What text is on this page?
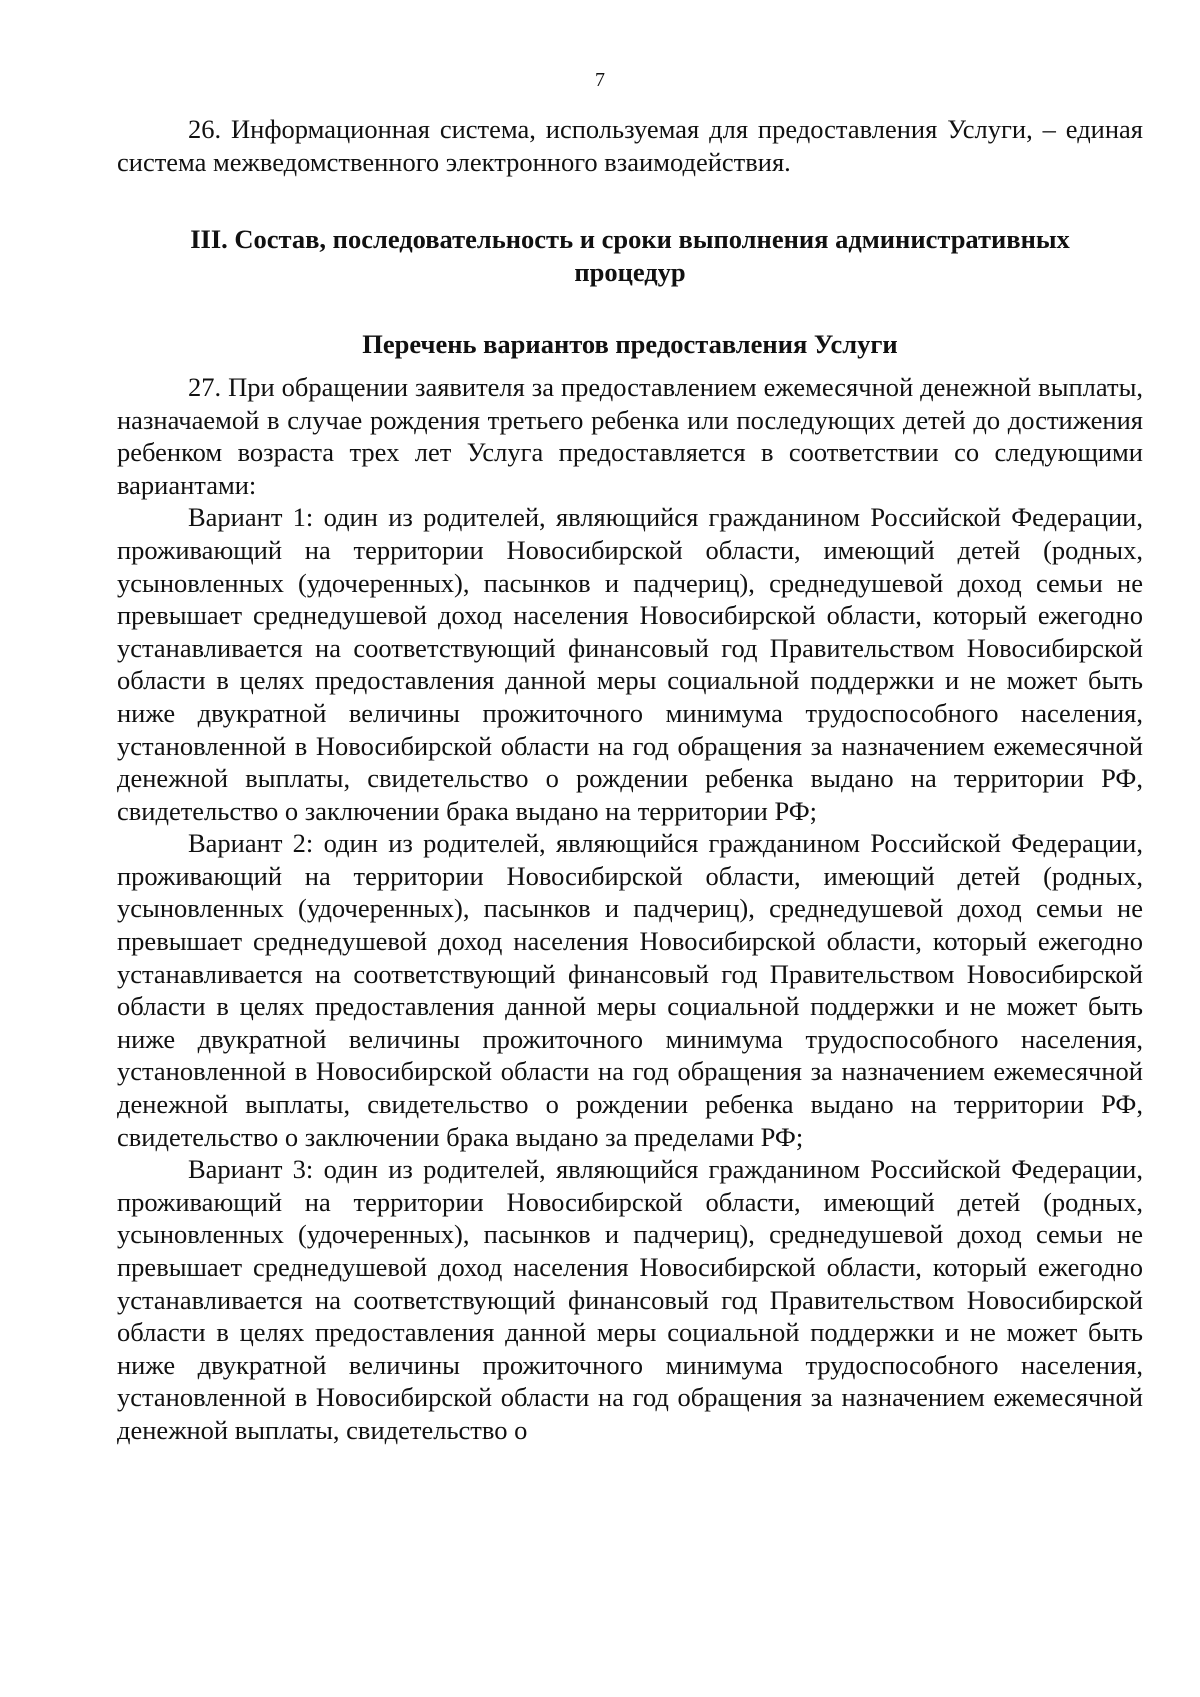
7

26. Информационная система, используемая для предоставления Услуги, – единая система межведомственного электронного взаимодействия.

III. Состав, последовательность и сроки выполнения административных
процедур
Перечень вариантов предоставления Услуги

27. При обращении заявителя за предоставлением ежемесячной денежной выплаты, назначаемой в случае рождения третьего ребенка или последующих детей до достижения ребенком возраста трех лет Услуга предоставляется в соответствии со следующими вариантами:

Вариант 1: один из родителей, являющийся гражданином Российской Федерации, проживающий на территории Новосибирской области, имеющий детей (родных, усыновленных (удочеренных), пасынков и падчериц), среднедушевой доход семьи не превышает среднедушевой доход населения Новосибирской области, который ежегодно устанавливается на соответствующий финансовый год Правительством Новосибирской области в целях предоставления данной меры социальной поддержки и не может быть ниже двукратной величины прожиточного минимума трудоспособного населения, установленной в Новосибирской области на год обращения за назначением ежемесячной денежной выплаты, свидетельство о рождении ребенка выдано на территории РФ, свидетельство о заключении брака выдано на территории РФ;

Вариант 2: один из родителей, являющийся гражданином Российской Федерации, проживающий на территории Новосибирской области, имеющий детей (родных, усыновленных (удочеренных), пасынков и падчериц), среднедушевой доход семьи не превышает среднедушевой доход населения Новосибирской области, который ежегодно устанавливается на соответствующий финансовый год Правительством Новосибирской области в целях предоставления данной меры социальной поддержки и не может быть ниже двукратной величины прожиточного минимума трудоспособного населения, установленной в Новосибирской области на год обращения за назначением ежемесячной денежной выплаты, свидетельство о рождении ребенка выдано на территории РФ, свидетельство о заключении брака выдано за пределами РФ;

Вариант 3: один из родителей, являющийся гражданином Российской Федерации, проживающий на территории Новосибирской области, имеющий детей (родных, усыновленных (удочеренных), пасынков и падчериц), среднедушевой доход семьи не превышает среднедушевой доход населения Новосибирской области, который ежегодно устанавливается на соответствующий финансовый год Правительством Новосибирской области в целях предоставления данной меры социальной поддержки и не может быть ниже двукратной величины прожиточного минимума трудоспособного населения, установленной в Новосибирской области на год обращения за назначением ежемесячной денежной выплаты, свидетельство о
